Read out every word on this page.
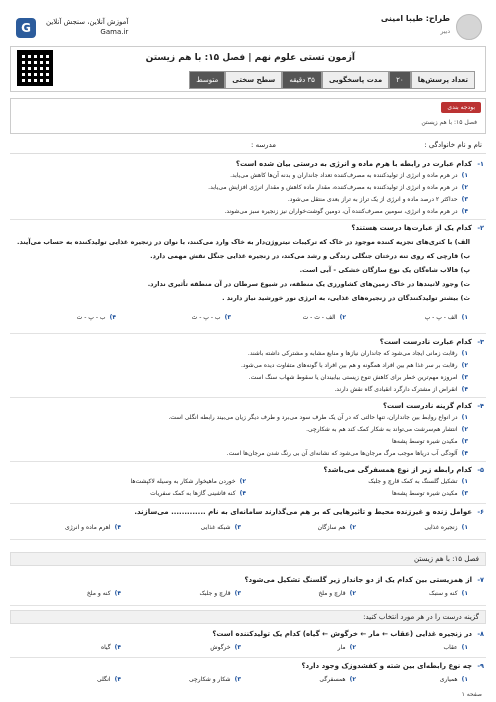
طراح: طیبا امینی
دبیر
آموزش آنلاین، سنجش آنلاین
Gama.ir
G
آزمون تستی علوم نهم | فصل ۱۵: با هم زیستن
تعداد پرسش‌ها
۲۰
مدت پاسخگویی
۳۵ دقیقه
سطح سختی
متوسط
بودجه بندی
فصل ۱۵: با هم زیستن
نام و نام خانوادگی :
مدرسه :
۱-
کدام عبارت در رابطه با هرم ماده و انرژی به درستی بیان شده است؟
۱)در هرم ماده و انرژی از تولیدکننده به مصرف‌کننده تعداد جانداران و بدنه آن‌ها کاهش می‌یابد.
۲)در هرم ماده و انرژی از تولیدکننده به مصرف‌کننده، مقدار ماده کاهش و مقدار انرژی افزایش می‌یابد.
۳)حداکثر ۲ درصد ماده و انرژی از یک تراز به تراز بعدی منتقل می‌شود.
۴)در هرم ماده و انرژی، سومین مصرف‌کننده آن، دومین گوشت‌خواران نیز زنجیره سبز می‌شوند.
۲-
کدام یک از عبارت‌ها درست هستند؟
الف) با کتری‌های تجزیه کننده موجود در خاک که ترکیبات نیتروژن‌دار به خاک وارد می‌کنند، با نوان در زنجیره غذایی تولیدکننده به حساب می‌آیند.
ب) قارچی که روی تنه درختان جنگلی زندگی و رشد می‌کند، در زنجیره غذایی جنگل نقش مهمی دارد.
پ) فالاب شاه‌گان یک نوع سازگان خشکی - آبی است.
ت) وجود لاتیندها در خاک زمین‌های کشاورزی یک منطقه، در شیوع سرطان در آن منطقه تأثیری ندارد.
ث) بیشتر تولیدکنندگان در زنجیره‌های غذایی، به انرژی نور خورشید نیاز دارند .
۱)الف - پ - پ
۲)الف - ث - ت
۳)ب - پ - ث
۴)ب - پ - ت
۳-
کدام عبارت نادرست است؟
۱)رقابت زمانی ایجاد می‌شود که جانداران نیازها و منابع مشابه و مشترکی داشته باشند.
۲)رقابت بر سر غذا هم بین افراد همگونه و هم بین افراد با گونه‌های متفاوت دیده می‌شود.
۳)امروزه مهم‌ترین خطر برای کاهش تنوع زیستی بیابیندان یا سقوط شهاب سنگ است.
۴)انقراض از مشترک دارگرد انقیادی گاه نقش دارند.
۴-
کدام گزینه نادرست است؟
۱)در انواع روابط بین جانداران، تنها حالتی که در آن یک طرف سود می‌برد و طرف دیگر زیان می‌بیند رابطه انگلی است.
۲)انتشار هم‌سرشت می‌تواند به شکار کمک کند هم به شکارچی.
۳)مکیدن شیره توسط پشه‌ها
۴)آلودگی آب دریاها موجب مرگ مرجان‌ها می‌شود که نشانه‌ای آن بی رنگ شدن مرجان‌ها است.
۵-
کدام رابطه زیر از نوع همسفرگی می‌باشد؟
۱)تشکیل گلسنگ به کمک قارچ و جلبک
۲)خوردن ماهیخوار شکار به وسیله لاکپشت‌ها
۳)مکیدن شیره توسط پشه‌ها
۴)کنه فاشینی گازها به کمک سفریات
۶-
عوامل زنده و غیرزنده محیط و تاثیرهایی که بر هم می‌گذارند سامانه‌ای به نام ............. می‌سازند.
۱)زنجیره غذایی
۲)هم سازگان
۳)شبکه غذایی
۴)اهرم ماده و انرژی
فصل ۱۵: با هم زیستن
۷-
از همزیستی بین کدام یک از دو جاندار زیر گلسنگ تشکیل می‌شود؟
۱)کنه و سنبک
۲)قارچ و ملخ
۳)قارچ و جلبک
۴)کنه و ملخ
گزینه درست را در هر مورد انتخاب کنید:
۸-
در زنجیره غذایی (عقاب ← مار ← خرگوش ← گیاه) کدام یک تولیدکننده است؟
۱)عقاب
۲)مار
۳)خرگوش
۴)گیاه
۹-
چه نوع رابطه‌ای بین شته و کفشدوزک وجود دارد؟
۱)همیاری
۲)همسفرگی
۳)شکار و شکارچی
۴)انگلی
صفحه ۱
